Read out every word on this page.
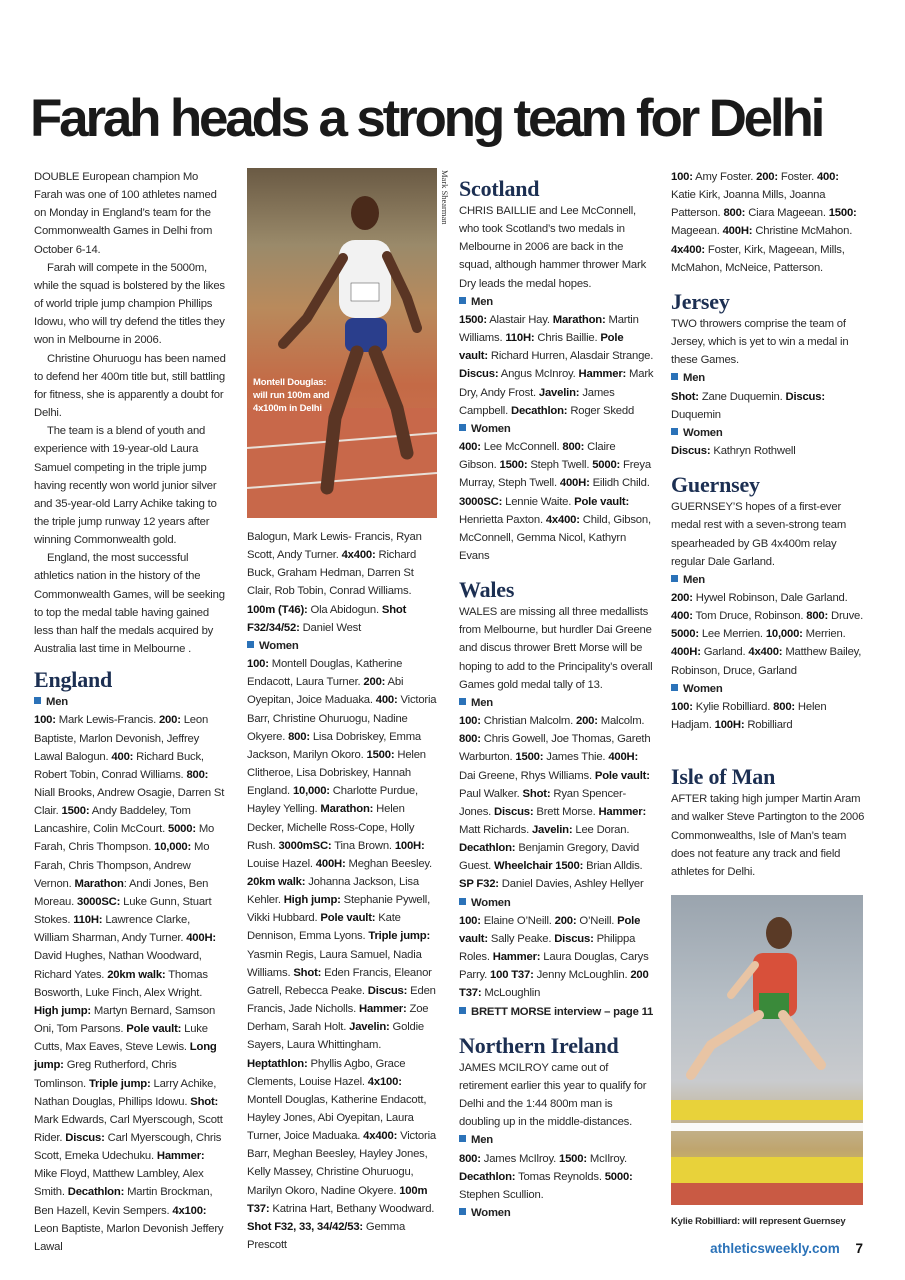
Farah heads a strong team for Delhi
Mark Shearman

DOUBLE European champion Mo Farah was one of 100 athletes named on Monday in England’s team for the Commonwealth Games in Delhi from October 6-14.

Farah will compete in the 5000m, while the squad is bolstered by the likes of world triple jump champion Phillips Idowu, who will try defend the titles they won in Melbourne in 2006.

Christine Ohuruogu has been named to defend her 400m title but, still battling for fitness, she is apparently a doubt for Delhi.

The team is a blend of youth and experience with 19-year-old Laura Samuel competing in the triple jump having recently won world junior silver and 35-year-old Larry Achike taking to the triple jump runway 12 years after winning Commonwealth gold.

England, the most successful athletics nation in the history of the Commonwealth Games, will be seeking to top the medal table having gained less than half the medals acquired by Australia last time in Melbourne .

England

Men

100: Mark Lewis-Francis. 200: Leon Baptiste, Marlon Devonish, Jeffrey Lawal Balogun. 400: Richard Buck, Robert Tobin, Conrad Williams. 800: Niall Brooks, Andrew Osagie, Darren St Clair. 1500: Andy Baddeley, Tom Lancashire, Colin McCourt. 5000: Mo Farah, Chris Thompson. 10,000: Mo Farah, Chris Thompson, Andrew Vernon. Marathon: Andi Jones, Ben Moreau. 3000SC: Luke Gunn, Stuart Stokes. 110H: Lawrence Clarke, William Sharman, Andy Turner. 400H: David Hughes, Nathan Woodward, Richard Yates. 20km walk: Thomas Bosworth, Luke Finch, Alex Wright. High jump: Martyn Bernard, Samson Oni, Tom Parsons. Pole vault: Luke Cutts, Max Eaves, Steve Lewis. Long jump: Greg Rutherford, Chris Tomlinson. Triple jump: Larry Achike, Nathan Douglas, Phillips Idowu. Shot: Mark Edwards, Carl Myerscough, Scott Rider. Discus: Carl Myerscough, Chris Scott, Emeka Udechuku. Hammer: Mike Floyd, Matthew Lambley, Alex Smith. Decathlon: Martin Brockman, Ben Hazell, Kevin Sempers. 4x100: Leon Baptiste, Marlon Devonish Jeffery Lawal

Montell Douglas:
will run 100m and
4x100m in Delhi

Balogun, Mark Lewis- Francis, Ryan Scott, Andy Turner. 4x400: Richard Buck, Graham Hedman, Darren St Clair, Rob Tobin, Conrad Williams. 100m (T46): Ola Abidogun. Shot F32/34/52: Daniel West

Women

100: Montell Douglas, Katherine Endacott, Laura Turner. 200: Abi Oyepitan, Joice Maduaka. 400: Victoria Barr, Christine Ohuruogu, Nadine Okyere. 800: Lisa Dobriskey, Emma Jackson, Marilyn Okoro. 1500: Helen Clitheroe, Lisa Dobriskey, Hannah England. 10,000: Charlotte Purdue, Hayley Yelling. Marathon: Helen Decker, Michelle Ross-Cope, Holly Rush. 3000mSC: Tina Brown. 100H: Louise Hazel. 400H: Meghan Beesley. 20km walk: Johanna Jackson, Lisa Kehler. High jump: Stephanie Pywell, Vikki Hubbard. Pole vault: Kate Dennison, Emma Lyons. Triple jump: Yasmin Regis, Laura Samuel, Nadia Williams. Shot: Eden Francis, Eleanor Gatrell, Rebecca Peake. Discus: Eden Francis, Jade Nicholls. Hammer: Zoe Derham, Sarah Holt. Javelin: Goldie Sayers, Laura Whittingham. Heptathlon: Phyllis Agbo, Grace Clements, Louise Hazel. 4x100: Montell Douglas, Katherine Endacott, Hayley Jones, Abi Oyepitan, Laura Turner, Joice Maduaka. 4x400: Victoria Barr, Meghan Beesley, Hayley Jones, Kelly Massey, Christine Ohuruogu, Marilyn Okoro, Nadine Okyere. 100m T37: Katrina Hart, Bethany Woodward. Shot F32, 33, 34/42/53: Gemma Prescott

Scotland

CHRIS BAILLIE and Lee McConnell, who took Scotland’s two medals in Melbourne in 2006 are back in the squad, although hammer thrower Mark Dry leads the medal hopes.

Men

1500: Alastair Hay. Marathon: Martin Williams. 110H: Chris Baillie. Pole vault: Richard Hurren, Alasdair Strange. Discus: Angus McInroy. Hammer: Mark Dry, Andy Frost. Javelin: James Campbell. Decathlon: Roger Skedd

Women

400: Lee McConnell. 800: Claire Gibson. 1500: Steph Twell. 5000: Freya Murray, Steph Twell. 400H: Eilidh Child. 3000SC: Lennie Waite. Pole vault: Henrietta Paxton. 4x400: Child, Gibson, McConnell, Gemma Nicol, Kathyrn Evans

Wales

WALES are missing all three medallists from Melbourne, but hurdler Dai Greene and discus thrower Brett Morse will be hoping to add to the Principality’s overall Games gold medal tally of 13.

Men

100: Christian Malcolm. 200: Malcolm. 800: Chris Gowell, Joe Thomas, Gareth Warburton. 1500: James Thie. 400H: Dai Greene, Rhys Williams. Pole vault: Paul Walker. Shot: Ryan Spencer-Jones. Discus: Brett Morse. Hammer: Matt Richards. Javelin: Lee Doran. Decathlon: Benjamin Gregory, David Guest. Wheelchair 1500: Brian Alldis. SP F32: Daniel Davies, Ashley Hellyer

Women

100: Elaine O’Neill. 200: O’Neill. Pole vault: Sally Peake. Discus: Philippa Roles. Hammer: Laura Douglas, Carys Parry. 100 T37: Jenny McLoughlin. 200 T37: McLoughlin

BRETT MORSE interview – page 11

Northern Ireland

JAMES MCILROY came out of retirement earlier this year to qualify for Delhi and the 1:44 800m man is doubling up in the middle-distances.

Men

800: James McIlroy. 1500: McIlroy. Decathlon: Tomas Reynolds. 5000: Stephen Scullion.

Women

100: Amy Foster. 200: Foster. 400: Katie Kirk, Joanna Mills, Joanna Patterson. 800: Ciara Mageean. 1500: Mageean. 400H: Christine McMahon. 4x400: Foster, Kirk, Mageean, Mills, McMahon, McNeice, Patterson.

Jersey

TWO throwers comprise the team of Jersey, which is yet to win a medal in these Games.

Men

Shot: Zane Duquemin. Discus: Duquemin

Women

Discus: Kathryn Rothwell

Guernsey

GUERNSEY’S hopes of a first-ever medal rest with a seven-strong team spearheaded by GB 4x400m relay regular Dale Garland.

Men

200: Hywel Robinson, Dale Garland. 400: Tom Druce, Robinson. 800: Druve. 5000: Lee Merrien. 10,000: Merrien. 400H: Garland. 4x400: Matthew Bailey, Robinson, Druce, Garland

Women

100: Kylie Robilliard. 800: Helen Hadjam. 100H: Robilliard

Isle of Man

AFTER taking high jumper Martin Aram and walker Steve Partington to the 2006 Commonwealths, Isle of Man’s team does not feature any track and field athletes for Delhi.

Kylie Robilliard: will represent Guernsey
athleticsweekly.com 7
